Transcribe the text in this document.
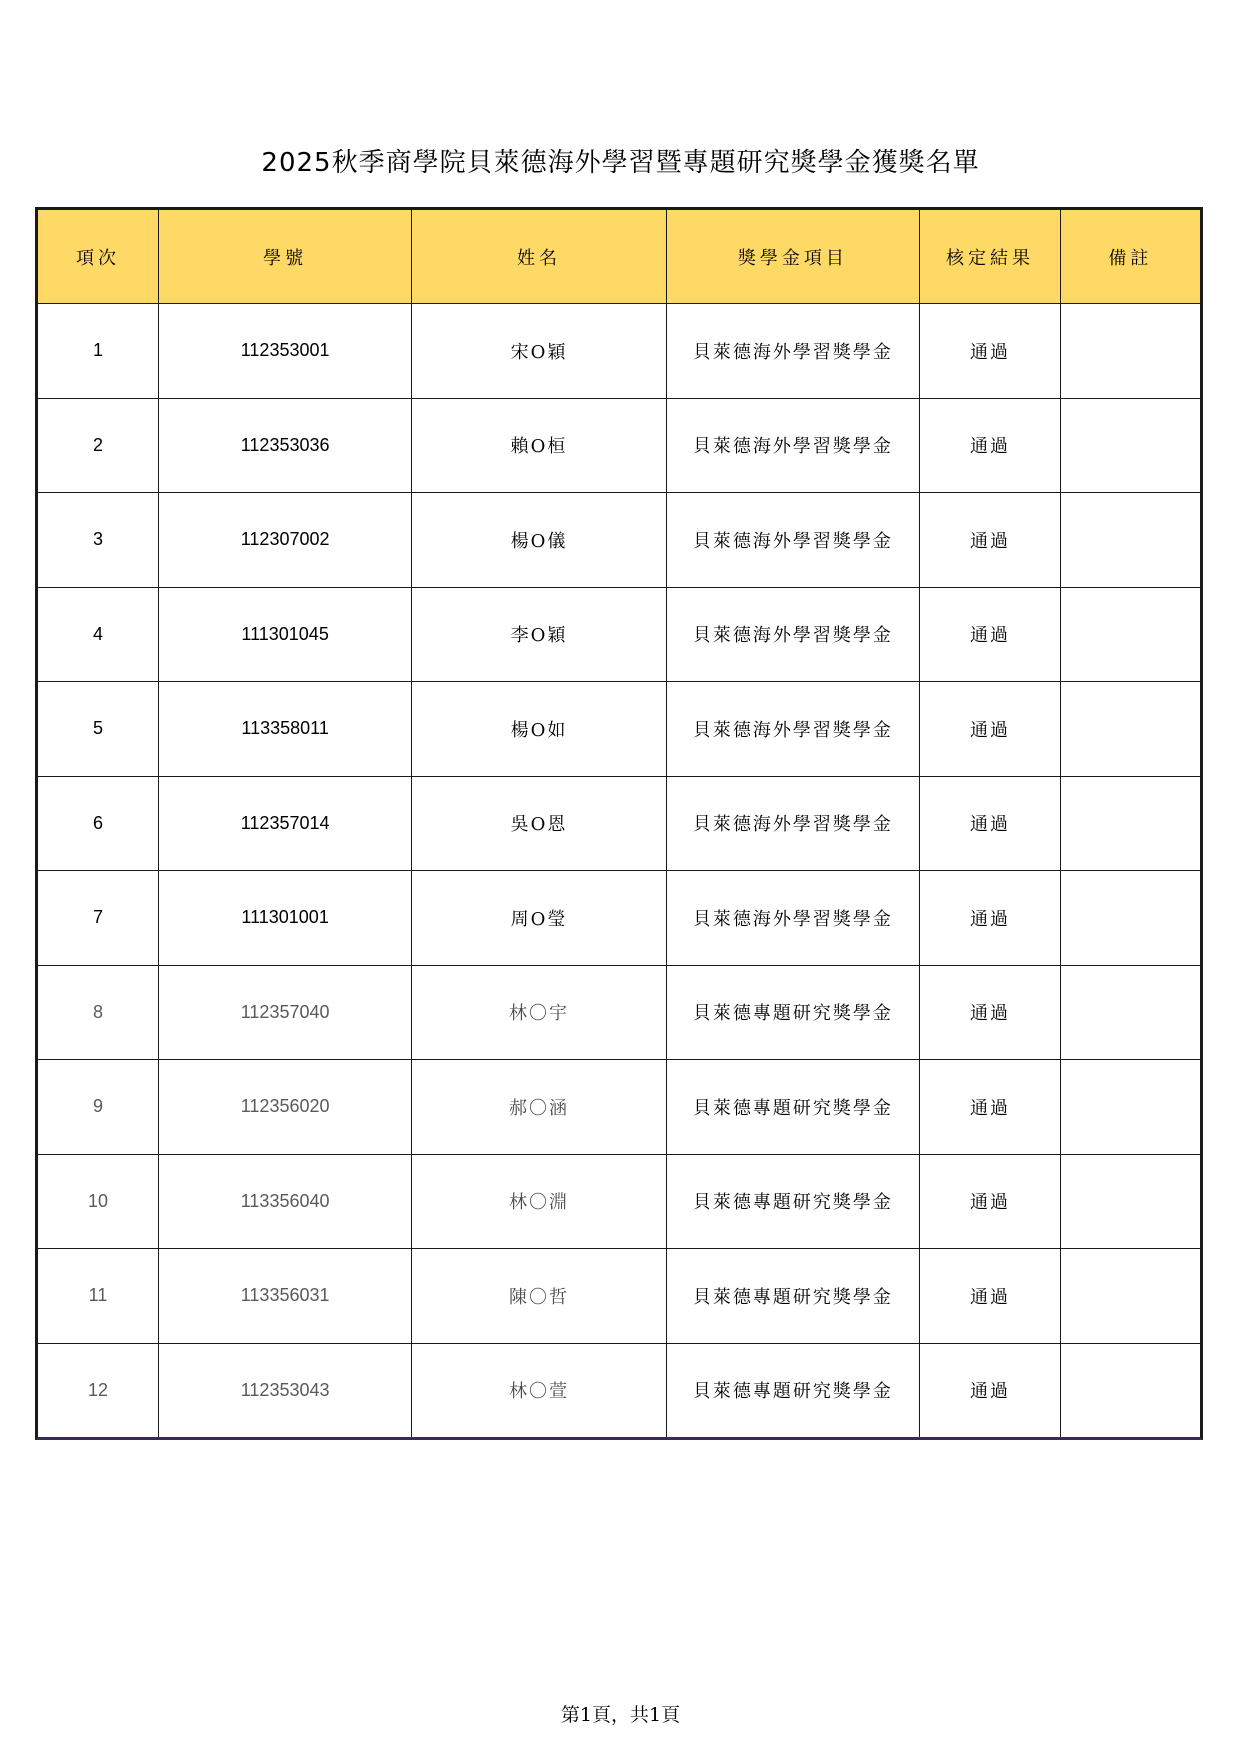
2025秋季商學院貝萊德海外學習暨專題研究獎學金獲獎名單
項次	學號	姓名	獎學金項目	核定結果	備註
1	112353001	宋O穎	貝萊德海外學習獎學金	通過	
2	112353036	賴O桓	貝萊德海外學習獎學金	通過	
3	112307002	楊O儀	貝萊德海外學習獎學金	通過	
4	111301045	李O穎	貝萊德海外學習獎學金	通過	
5	113358011	楊O如	貝萊德海外學習獎學金	通過	
6	112357014	吳O恩	貝萊德海外學習獎學金	通過	
7	111301001	周O瑩	貝萊德海外學習獎學金	通過	
8	112357040	林〇宇	貝萊德專題研究獎學金	通過	
9	112356020	郝〇涵	貝萊德專題研究獎學金	通過	
10	113356040	林〇淵	貝萊德專題研究獎學金	通過	
11	113356031	陳〇哲	貝萊德專題研究獎學金	通過	
12	112353043	林〇萱	貝萊德專題研究獎學金	通過	
第1頁，共1頁
